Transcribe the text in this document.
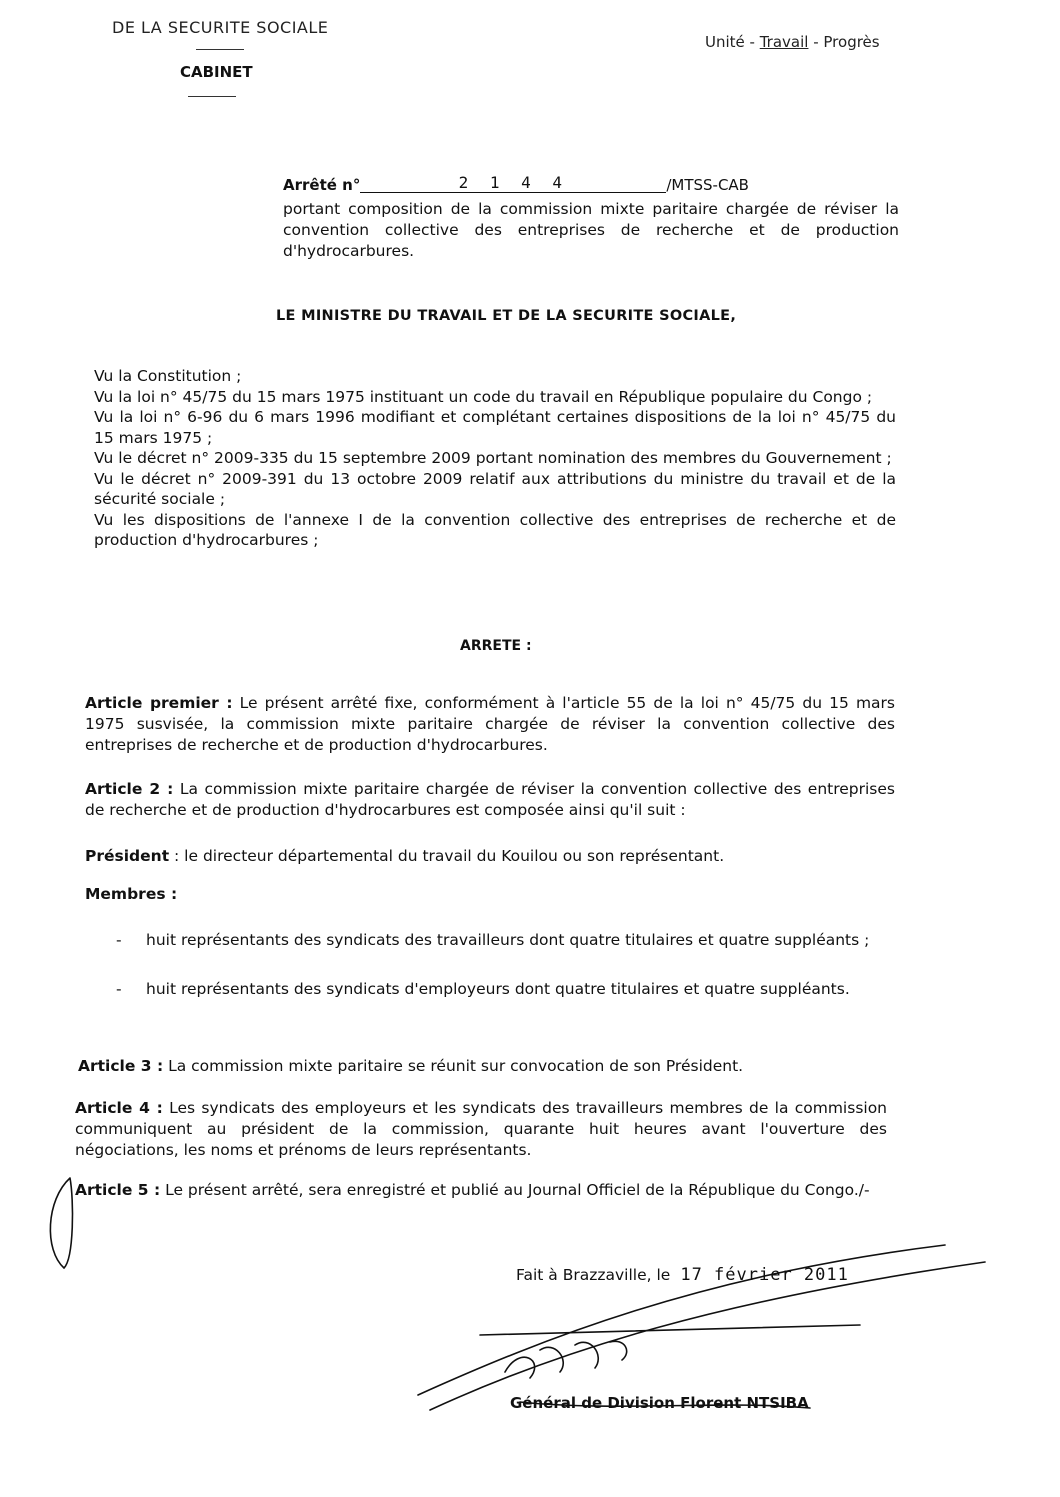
DE LA SECURITE SOCIALE
CABINET
Unité - Travail - Progrès
Arrêté n°	2 1 4 4	/MTSS-CAB
portant composition de la commission mixte paritaire chargée de réviser la convention collective des entreprises de recherche et de production d'hydrocarbures.
LE MINISTRE DU TRAVAIL ET DE LA SECURITE SOCIALE,

Vu la Constitution ;

Vu la loi n° 45/75 du 15 mars 1975 instituant un code du travail en République populaire du Congo ;

Vu la loi n° 6-96 du 6 mars 1996 modifiant et complétant certaines dispositions de la loi n° 45/75 du 15 mars 1975 ;

Vu le décret n° 2009-335 du 15 septembre 2009 portant nomination des membres du Gouvernement ;

Vu le décret n° 2009-391 du 13 octobre 2009 relatif aux attributions du ministre du travail et de la sécurité sociale ;

Vu les dispositions de l'annexe I de la convention collective des entreprises de recherche et de production d'hydrocarbures ;

ARRETE :

Article premier : Le présent arrêté fixe, conformément à l'article 55 de la loi n° 45/75 du 15 mars 1975 susvisée, la commission mixte paritaire chargée de réviser la convention collective des entreprises de recherche et de production d'hydrocarbures.

Article 2 : La commission mixte paritaire chargée de réviser la convention collective des entreprises de recherche et de production d'hydrocarbures est composée ainsi qu'il suit :

Président : le directeur départemental du travail du Kouilou ou son représentant.

Membres :
- huit représentants des syndicats des travailleurs dont quatre titulaires et quatre suppléants ;
- huit représentants des syndicats d'employeurs dont quatre titulaires et quatre suppléants.

Article 3 : La commission mixte paritaire se réunit sur convocation de son Président.

Article 4 : Les syndicats des employeurs et les syndicats des travailleurs membres de la commission communiquent au président de la commission, quarante huit heures avant l'ouverture des négociations, les noms et prénoms de leurs représentants.

Article 5 : Le présent arrêté, sera enregistré et publié au Journal Officiel de la République du Congo./-

Fait à Brazzaville, le 17 février 2011
Général de Division Florent NTSIBA
